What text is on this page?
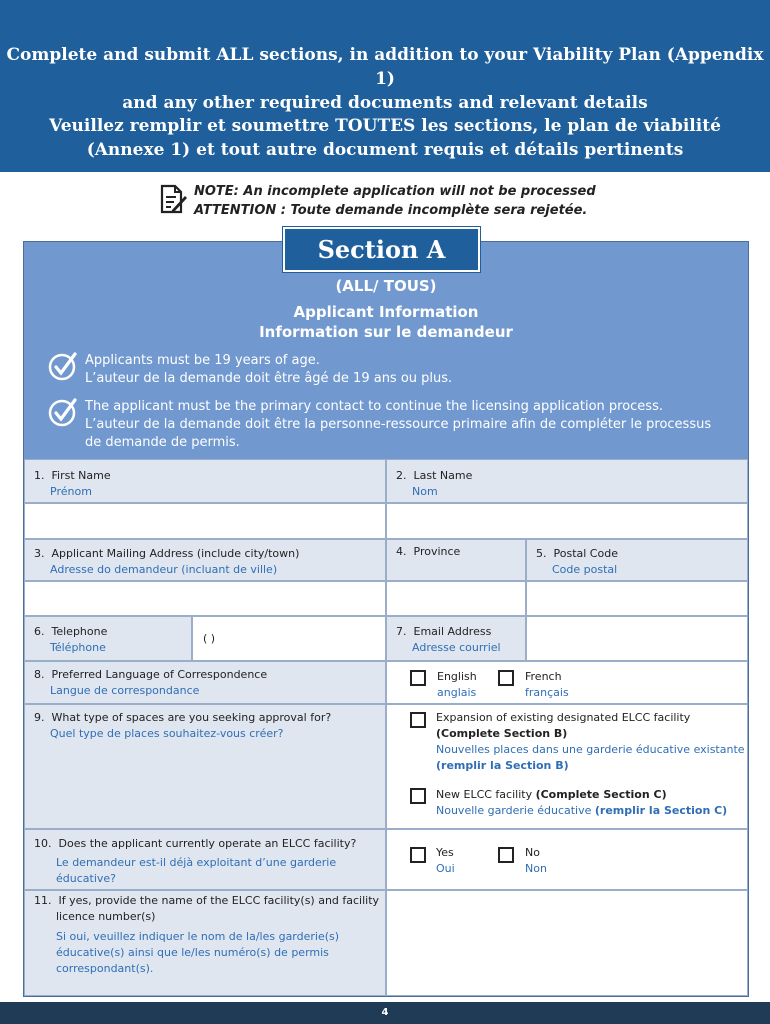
Complete and submit ALL sections, in addition to your Viability Plan (Appendix 1)
and any other required documents and relevant details
Veuillez remplir et soumettre TOUTES les sections, le plan de viabilité
(Annexe 1) et tout autre document requis et détails pertinents
NOTE: An incomplete application will not be processed
ATTENTION : Toute demande incomplète sera rejetée.
Section A
(ALL/ TOUS)
Applicant Information
Information sur le demandeur
Applicants must be 19 years of age.
L’auteur de la demande doit être âgé de 19 ans ou plus.
The applicant must be the primary contact to continue the licensing application process.
L’auteur de la demande doit être la personne-ressource primaire afin de compléter le processus
de demande de permis.
1. First Name
Prénom
2. Last Name
Nom
3. Applicant Mailing Address (include city/town)
Adresse do demandeur (incluant de ville)
4. Province	5. Postal Code
Code postal
( )
6. Telephone
Téléphone
7. Email Address
Adresse courriel
8. Preferred Language of Correspondence
Langue de correspondance
English
anglais
French
français
9. What type of spaces are you seeking approval for?
Quel type de places souhaitez-vous créer?
Expansion of existing designated ELCC facility
(Complete Section B)
Nouvelles places dans une garderie éducative existante
(remplir la Section B)
New ELCC facility (Complete Section C)
Nouvelle garderie éducative (remplir la Section C)
10. Does the applicant currently operate an ELCC facility?
Le demandeur est-il déjà exploitant d’une garderie
éducative?
Yes
Oui
No
Non
11. If yes, provide the name of the ELCC facility(s) and facility
licence number(s)
Si oui, veuillez indiquer le nom de la/les garderie(s)
éducative(s) ainsi que le/les numéro(s) de permis
correspondant(s).
4
